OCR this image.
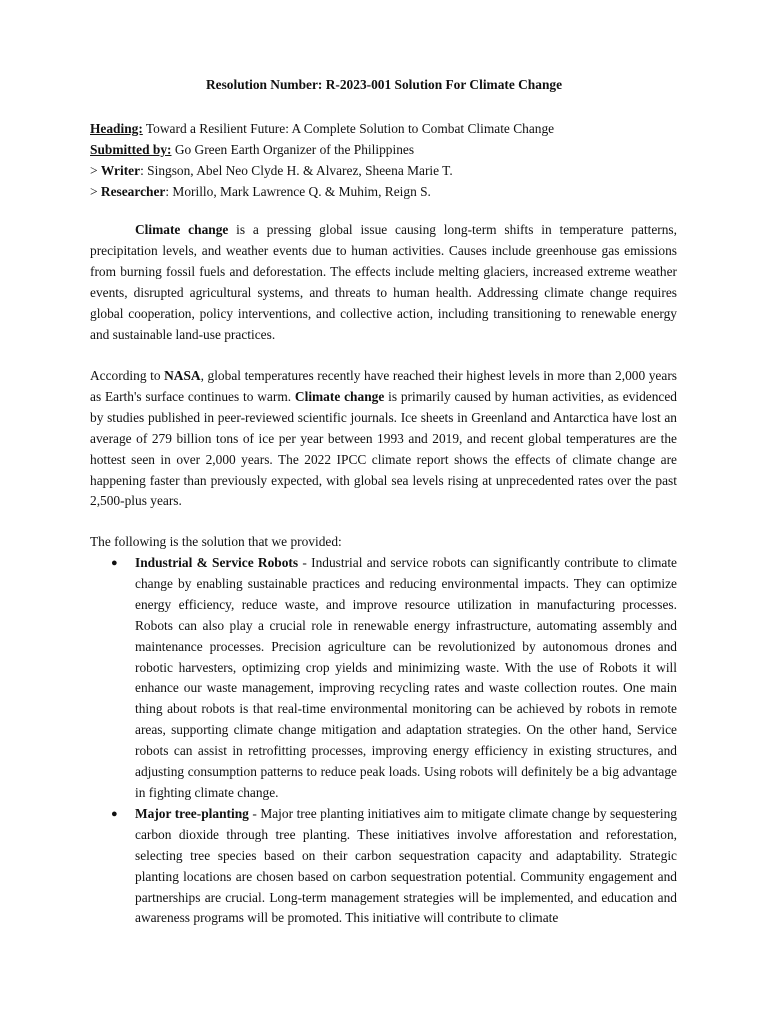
Resolution Number: R-2023-001 Solution For Climate Change
Heading: Toward a Resilient Future: A Complete Solution to Combat Climate Change
Submitted by: Go Green Earth Organizer of the Philippines
> Writer: Singson, Abel Neo Clyde H. & Alvarez, Sheena Marie T.
> Researcher: Morillo, Mark Lawrence Q. & Muhim, Reign S.

Climate change is a pressing global issue causing long-term shifts in temperature patterns, precipitation levels, and weather events due to human activities. Causes include greenhouse gas emissions from burning fossil fuels and deforestation. The effects include melting glaciers, increased extreme weather events, disrupted agricultural systems, and threats to human health. Addressing climate change requires global cooperation, policy interventions, and collective action, including transitioning to renewable energy and sustainable land-use practices.

According to NASA, global temperatures recently have reached their highest levels in more than 2,000 years as Earth's surface continues to warm. Climate change is primarily caused by human activities, as evidenced by studies published in peer-reviewed scientific journals. Ice sheets in Greenland and Antarctica have lost an average of 279 billion tons of ice per year between 1993 and 2019, and recent global temperatures are the hottest seen in over 2,000 years. The 2022 IPCC climate report shows the effects of climate change are happening faster than previously expected, with global sea levels rising at unprecedented rates over the past 2,500-plus years.

The following is the solution that we provided:

● Industrial & Service Robots - Industrial and service robots can significantly contribute to climate change by enabling sustainable practices and reducing environmental impacts. They can optimize energy efficiency, reduce waste, and improve resource utilization in manufacturing processes. Robots can also play a crucial role in renewable energy infrastructure, automating assembly and maintenance processes. Precision agriculture can be revolutionized by autonomous drones and robotic harvesters, optimizing crop yields and minimizing waste. With the use of Robots it will enhance our waste management, improving recycling rates and waste collection routes. One main thing about robots is that real-time environmental monitoring can be achieved by robots in remote areas, supporting climate change mitigation and adaptation strategies. On the other hand, Service robots can assist in retrofitting processes, improving energy efficiency in existing structures, and adjusting consumption patterns to reduce peak loads. Using robots will definitely be a big advantage in fighting climate change.
● Major tree-planting - Major tree planting initiatives aim to mitigate climate change by sequestering carbon dioxide through tree planting. These initiatives involve afforestation and reforestation, selecting tree species based on their carbon sequestration capacity and adaptability. Strategic planting locations are chosen based on carbon sequestration potential. Community engagement and partnerships are crucial. Long-term management strategies will be implemented, and education and awareness programs will be promoted. This initiative will contribute to climate
